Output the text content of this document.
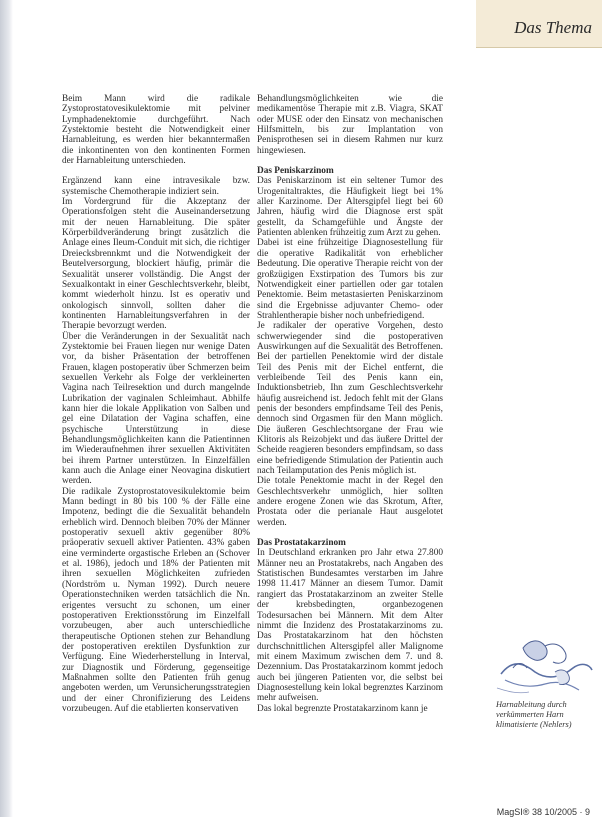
Das Thema

Beim Mann wird die radikale Zystoprostatovesikulektomie mit pelviner Lymphadenektomie durchgeführt. Nach Zystektomie besteht die Notwendigkeit einer Harnableitung, es werden hier bekanntermaßen die inkontinenten von den kontinenten Formen der Harnableitung unterschieden.

Ergänzend kann eine intravesikale bzw. systemische Chemotherapie indiziert sein.

Im Vordergrund für die Akzeptanz der Operationsfolgen steht die Auseinandersetzung mit der neuen Harnableitung. Die später Körperbildveränderung bringt zusätzlich die Anlage eines Ileum-Conduit mit sich, die richtiger Dreiecksbrennkmt und die Notwendigkeit der Beutelversorgung, blockiert häufig, primär die Sexualität unserer vollständig. Die Angst der Sexualkontakt in einer Geschlechtsverkehr, bleibt, kommt wiederholt hinzu. Ist es operativ und onkologisch sinnvoll, sollten daher die kontinenten Harnableitungsverfahren in der Therapie bevorzugt werden.

Über die Veränderungen in der Sexualität nach Zystektomie bei Frauen liegen nur wenige Daten vor, da bisher Präsentation der betroffenen Frauen, klagen postoperativ über Schmerzen beim sexuellen Verkehr als Folge der verkleinerten Vagina nach Teilresektion und durch mangelnde Lubrikation der vaginalen Schleimhaut. Abhilfe kann hier die lokale Applikation von Salben und gel eine Dilatation der Vagina schaffen, eine psychische Unterstützung in diese Behandlungsmöglichkeiten kann die Patientinnen im Wiederaufnehmen ihrer sexuellen Aktivitäten bei ihrem Partner unterstützen. In Einzelfällen kann auch die Anlage einer Neovagina diskutiert werden.

Die radikale Zystoprostatovesikulektomie beim Mann bedingt in 80 bis 100 % der Fälle eine Impotenz, bedingt die die Sexualität behandeln erheblich wird. Dennoch bleiben 70% der Männer postoperativ sexuell aktiv gegenüber 80% präoperativ sexuell aktiver Patienten. 43% gaben eine verminderte orgastische Erleben an (Schover et al. 1986), jedoch und 18% der Patienten mit ihren sexuellen Möglichkeiten zufrieden (Nordström u. Nyman 1992). Durch neuere Operationstechniken werden tatsächlich die Nn. erigentes versucht zu schonen, um einer postoperativen Erektionsstörung im Einzelfall vorzubeugen, aber auch unterschiedliche therapeutische Optionen stehen zur Behandlung der postoperativen erektilen Dysfunktion zur Verfügung. Eine Wiederherstellung in Interval, zur Diagnostik und Förderung, gegenseitige Maßnahmen sollte den Patienten früh genug angeboten werden, um Verunsicherungsstrategien und der einer Chronifizierung des Leidens vorzubeugen. Auf die etablierten konservativen

Behandlungsmöglichkeiten wie die medikamentöse Therapie mit z.B. Viagra, SKAT oder MUSE oder den Einsatz von mechanischen Hilfsmitteln, bis zur Implantation von Penisprothesen sei in diesem Rahmen nur kurz hingewiesen.

Das Peniskarzinom

Das Peniskarzinom ist ein seltener Tumor des Urogenitaltraktes, die Häufigkeit liegt bei 1% aller Karzinome. Der Altersgipfel liegt bei 60 Jahren, häufig wird die Diagnose erst spät gestellt, da Schamgefühle und Ängste der Patienten ablenken frühzeitig zum Arzt zu gehen.

Dabei ist eine frühzeitige Diagnosestellung für die operative Radikalität von erheblicher Bedeutung. Die operative Therapie reicht von der großzügigen Exstirpation des Tumors bis zur Notwendigkeit einer partiellen oder gar totalen Penektomie. Beim metastasierten Peniskarzinom sind die Ergebnisse adjuvanter Chemo- oder Strahlentherapie bisher noch unbefriedigend.

Je radikaler der operative Vorgehen, desto schwerwiegender sind die postoperativen Auswirkungen auf die Sexualität des Betroffenen. Bei der partiellen Penektomie wird der distale Teil des Penis mit der Eichel entfernt, die verbleibende Teil des Penis kann ein, Induktionsbetrieb, Ihn zum Geschlechtsverkehr häufig ausreichend ist. Jedoch fehlt mit der Glans penis der besonders empfindsame Teil des Penis, dennoch sind Orgasmen für den Mann möglich. Die äußeren Geschlechtsorgane der Frau wie Klitoris als Reizobjekt und das äußere Drittel der Scheide reagieren besonders empfindsam, so dass eine befriedigende Stimulation der Patientin auch nach Teilamputation des Penis möglich ist.

Die totale Penektomie macht in der Regel den Geschlechtsverkehr unmöglich, hier sollten andere erogene Zonen wie das Skrotum, After, Prostata oder die perianale Haut ausgelotet werden.

Das Prostatakarzinom

In Deutschland erkranken pro Jahr etwa 27.800 Männer neu an Prostatakrebs, nach Angaben des Statistischen Bundesamtes verstarben im Jahre 1998 11.417 Männer an diesem Tumor. Damit rangiert das Prostatakarzinom an zweiter Stelle der krebsbedingten, organbezogenen Todesursachen bei Männern. Mit dem Alter nimmt die Inzidenz des Prostatakarzinoms zu. Das Prostatakarzinom hat den höchsten durchschnittlichen Altersgipfel aller Malignome mit einem Maximum zwischen dem 7. und 8. Dezennium. Das Prostatakarzinom kommt jedoch auch bei jüngeren Patienten vor, die selbst bei Diagnosestellung kein lokal begrenztes Karzinom mehr aufweisen.

Das lokal begrenzte Prostatakarzinom kann je	Harnableitung durch verkümmerten Harn klimatisierte (Nehlers)
MagSI® 38 10/2005 · 9
